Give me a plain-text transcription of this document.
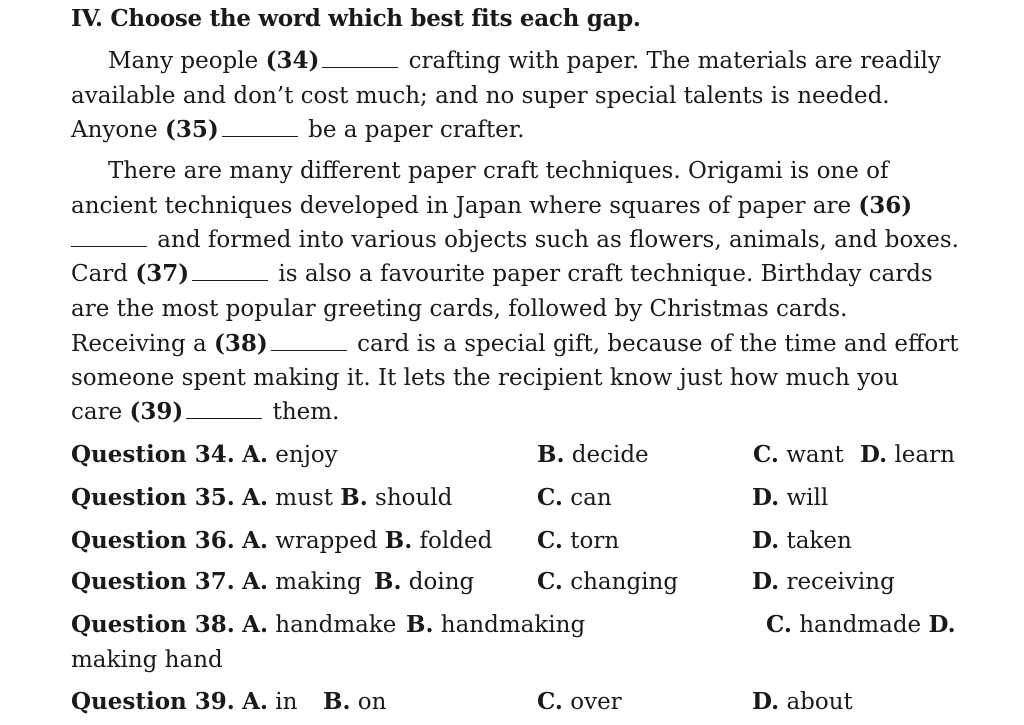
IV. Choose the word which best fits each gap.
Many people (34)	crafting with paper. The materials are readily
available and don’t cost much; and no super special talents is needed.
Anyone (35)	be a paper crafter.
There are many different paper craft techniques. Origami is one of
ancient techniques developed in Japan where squares of paper are (36)
and formed into various objects such as flowers, animals, and boxes.
Card (37)	is also a favourite paper craft technique. Birthday cards
are the most popular greeting cards, followed by Christmas cards.
Receiving a (38)	card is a special gift, because of the time and effort
someone spent making it. It lets the recipient know just how much you
care (39)	them.
Question 34. A. enjoy	B. decide	C. want D. learn
Question 35. A. must B. should	C. can	D. will
Question 36. A. wrapped B. folded C. torn	D. taken
Question 37. A. making B. doing	C. changing	D. receiving
Question 38. A. handmake B. handmaking	C. handmade D.
making hand
Question 39. A. in B. on	C. over	D. about
